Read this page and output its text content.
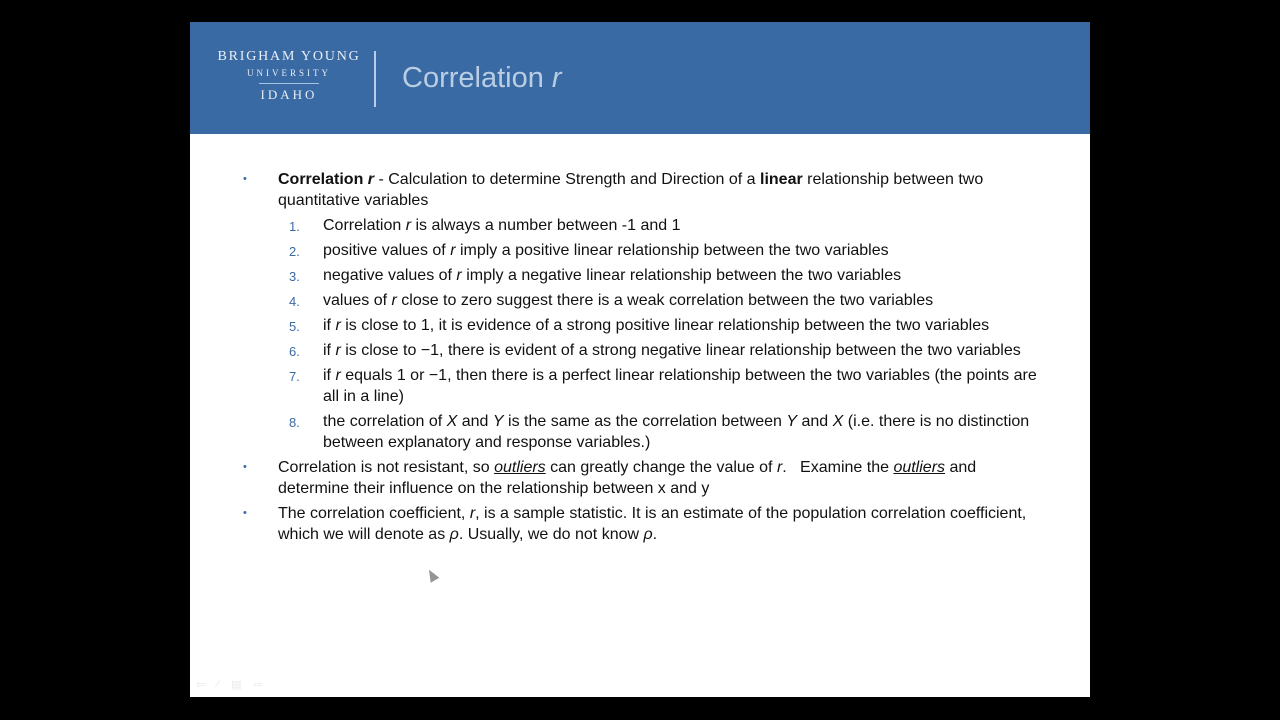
BRIGHAM YOUNG
UNIVERSITY
IDAHO
Correlation r
• Correlation r - Calculation to determine Strength and Direction of a linear relationship between two quantitative variables
1. Correlation r is always a number between -1 and 1
2. positive values of r imply a positive linear relationship between the two variables
3. negative values of r imply a negative linear relationship between the two variables
4. values of r close to zero suggest there is a weak correlation between the two variables
5. if r is close to 1, it is evidence of a strong positive linear relationship between the two variables
6. if r is close to −1, there is evident of a strong negative linear relationship between the two variables
7. if r equals 1 or −1, then there is a perfect linear relationship between the two variables (the points are all in a line)
8. the correlation of X and Y is the same as the correlation between Y and X (i.e. there is no distinction between explanatory and response variables.)
• Correlation is not resistant, so outliers can greatly change the value of r.   Examine the outliers and determine their influence on the relationship between x and y
• The correlation coefficient, r, is a sample statistic. It is an estimate of the population correlation coefficient, which we will denote as ρ. Usually, we do not know ρ.
⇦ ∕ ▤ ⇨
